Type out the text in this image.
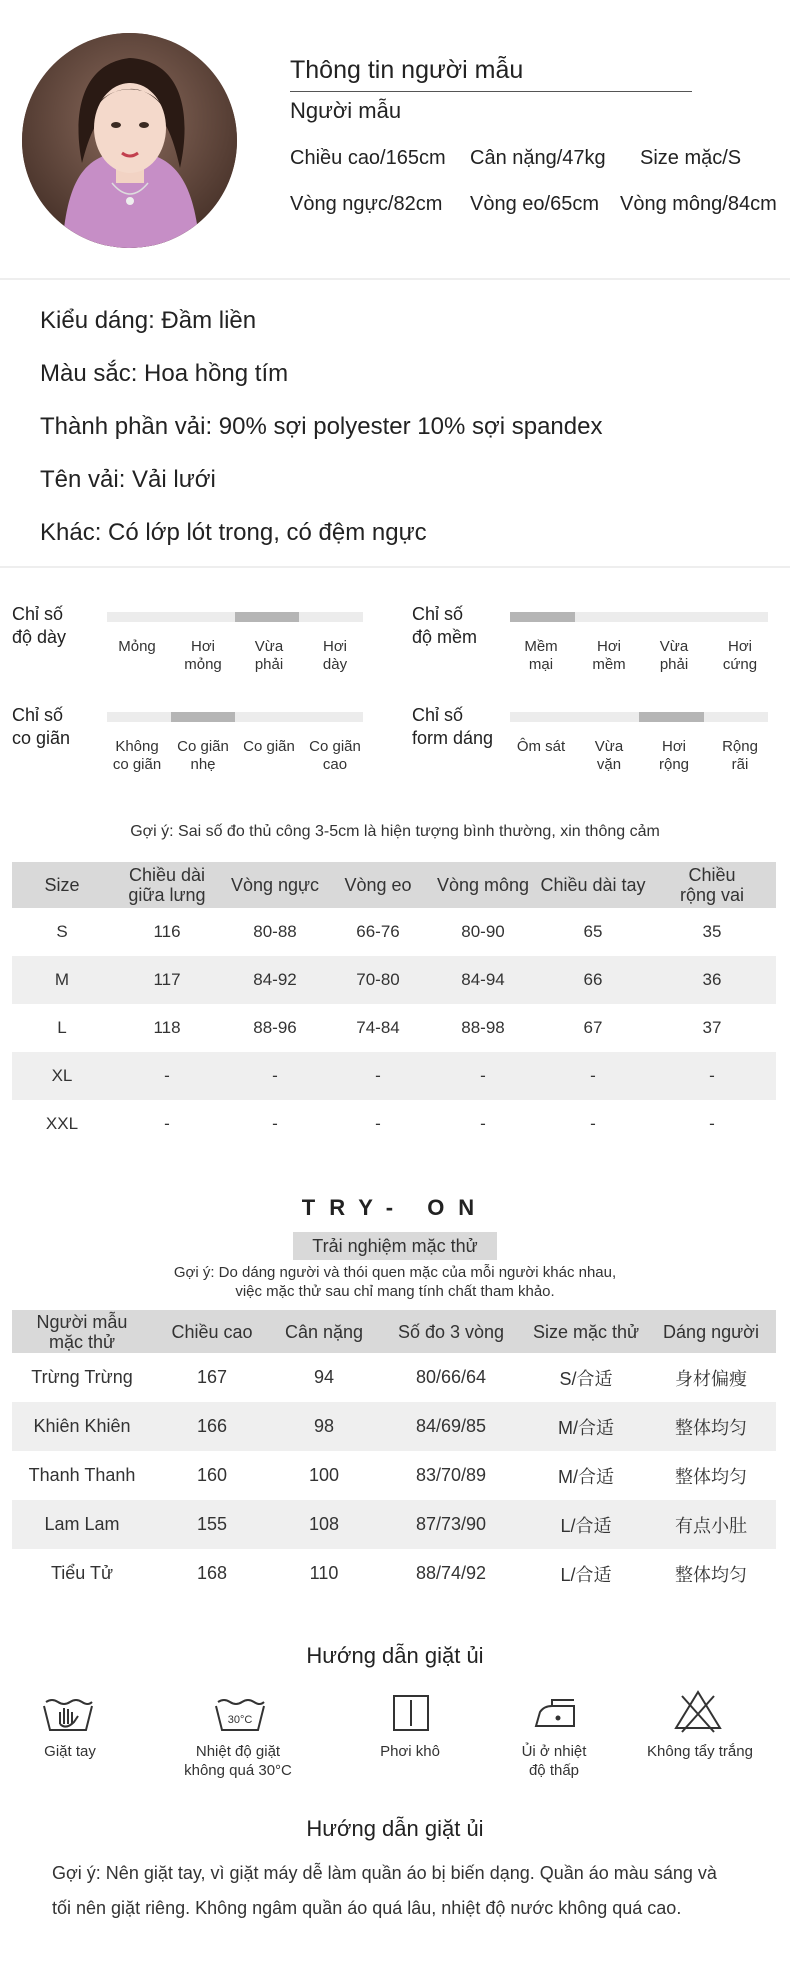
Thông tin người mẫu
Người mẫu
Chiều cao/165cm Cân nặng/47kg Size mặc/S
Vòng ngực/82cm Vòng eo/65cm Vòng mông/84cm
Kiểu dáng: Đầm liền
Màu sắc: Hoa hồng tím
Thành phần vải: 90% sợi polyester 10% sợi spandex
Tên vải: Vải lưới
Khác: Có lớp lót trong, có đệm ngực
Chỉ số
độ dày	Mỏng	Hơi
mỏng
Vừa
phải
Hơi
dày
Chỉ số
độ mềm	Mềm
mại
Hơi
mềm
Vừa
phải
Hơi
cứng
Chỉ số
co giãn	Không
co giãn
Co giãn
nhẹ
Co giãn Co giãn
cao
Chỉ số
form dáng	Ôm sát	Vừa
vặn
Hơi
rộng
Rộng
rãi
Gợi ý: Sai số đo thủ công 3-5cm là hiện tượng bình thường, xin thông cảm
Size	Chiều dài
giữa lưng	Vòng ngực	Vòng eo	Vòng mông	Chiều dài tay	Chiều
rộng vai
S	116	80-88	66-76	80-90	65	35
M	117	84-92	70-80	84-94	66	36
L	118	88-96	74-84	88-98	67	37
XL	-	-	-	-	-	-
XXL	-	-	-	-	-	-
TRY- ON
Trải nghiệm mặc thử
Gợi ý: Do dáng người và thói quen mặc của mỗi người khác nhau,
việc mặc thử sau chỉ mang tính chất tham khảo.
Người mẫu
mặc thử	Chiều cao	Cân nặng	Số đo 3 vòng	Size mặc thử	Dáng người
Trừng Trừng	167	94	80/66/64	S/合适	身材偏瘦
Khiên Khiên	166	98	84/69/85	M/合适	整体均匀
Thanh Thanh	160	100	83/70/89	M/合适	整体均匀
Lam Lam	155	108	87/73/90	L/合适	有点小肚
Tiểu Tử	168	110	88/74/92	L/合适	整体均匀
Hướng dẫn giặt ủi
30°C
Giặt tay	Nhiệt độ giặt
không quá 30°C
Phơi khô	Ủi ở nhiệt
độ thấp
Không tẩy trắng
Hướng dẫn giặt ủi
Gợi ý: Nên giặt tay, vì giặt máy dễ làm quần áo bị biến dạng. Quần áo màu sáng và
tối nên giặt riêng. Không ngâm quần áo quá lâu, nhiệt độ nước không quá cao.
